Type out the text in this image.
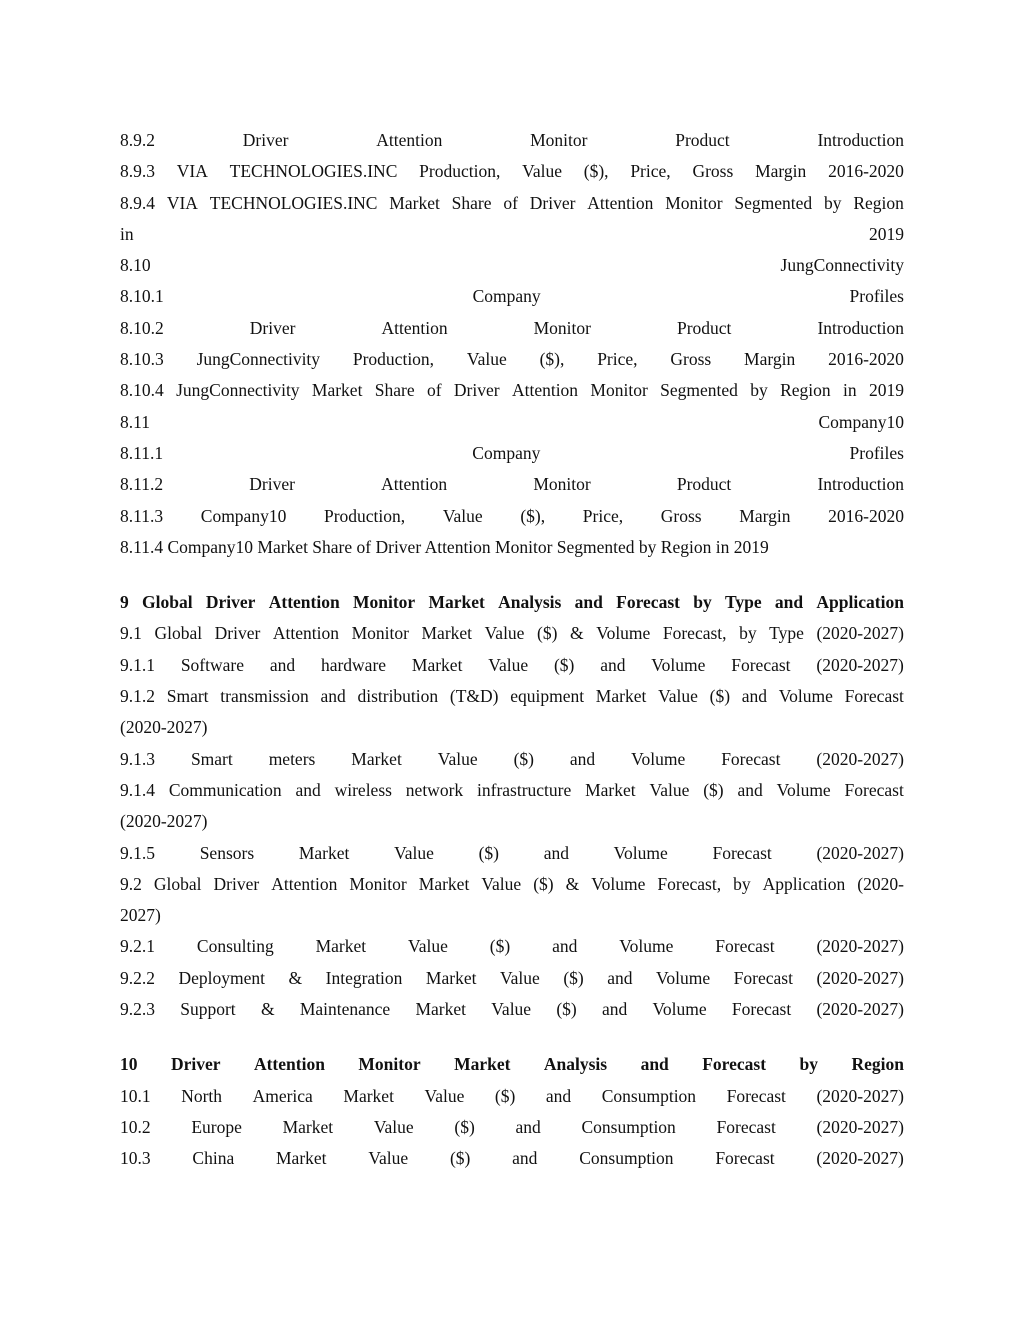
8.9.2	Driver	Attention	Monitor	Product	Introduction
8.9.3 VIA TECHNOLOGIES.INC Production, Value ($), Price, Gross Margin 2016-2020
8.9.4 VIA TECHNOLOGIES.INC Market Share of Driver Attention Monitor Segmented by Region
in	2019
8.10	JungConnectivity
8.10.1	Company	Profiles
8.10.2	Driver	Attention	Monitor	Product	Introduction
8.10.3 JungConnectivity Production, Value ($), Price, Gross Margin 2016-2020
8.10.4 JungConnectivity Market Share of Driver Attention Monitor Segmented by Region in 2019
8.11	Company10
8.11.1	Company	Profiles
8.11.2	Driver	Attention	Monitor	Product	Introduction
8.11.3 Company10 Production, Value ($), Price, Gross Margin 2016-2020
8.11.4 Company10 Market Share of Driver Attention Monitor Segmented by Region in 2019
9 Global Driver Attention Monitor Market Analysis and Forecast by Type and Application
9.1 Global Driver Attention Monitor Market Value ($) & Volume Forecast, by Type (2020-2027)
9.1.1 Software and hardware Market Value ($) and Volume Forecast (2020-2027)
9.1.2 Smart transmission and distribution (T&D) equipment Market Value ($) and Volume Forecast
(2020-2027)
9.1.3 Smart meters Market Value ($) and Volume Forecast (2020-2027)
9.1.4 Communication and wireless network infrastructure Market Value ($) and Volume Forecast
(2020-2027)
9.1.5	Sensors	Market	Value	($)	and	Volume	Forecast	(2020-2027)
9.2 Global Driver Attention Monitor Market Value ($) & Volume Forecast, by Application (2020-
2027)
9.2.1 Consulting Market Value ($) and Volume Forecast (2020-2027)
9.2.2 Deployment & Integration Market Value ($) and Volume Forecast (2020-2027)
9.2.3 Support & Maintenance Market Value ($) and Volume Forecast (2020-2027)
10 Driver Attention Monitor Market Analysis and Forecast by Region
10.1 North America Market Value ($) and Consumption Forecast (2020-2027)
10.2 Europe Market Value ($) and Consumption Forecast (2020-2027)
10.3 China Market Value ($) and Consumption Forecast (2020-2027)
